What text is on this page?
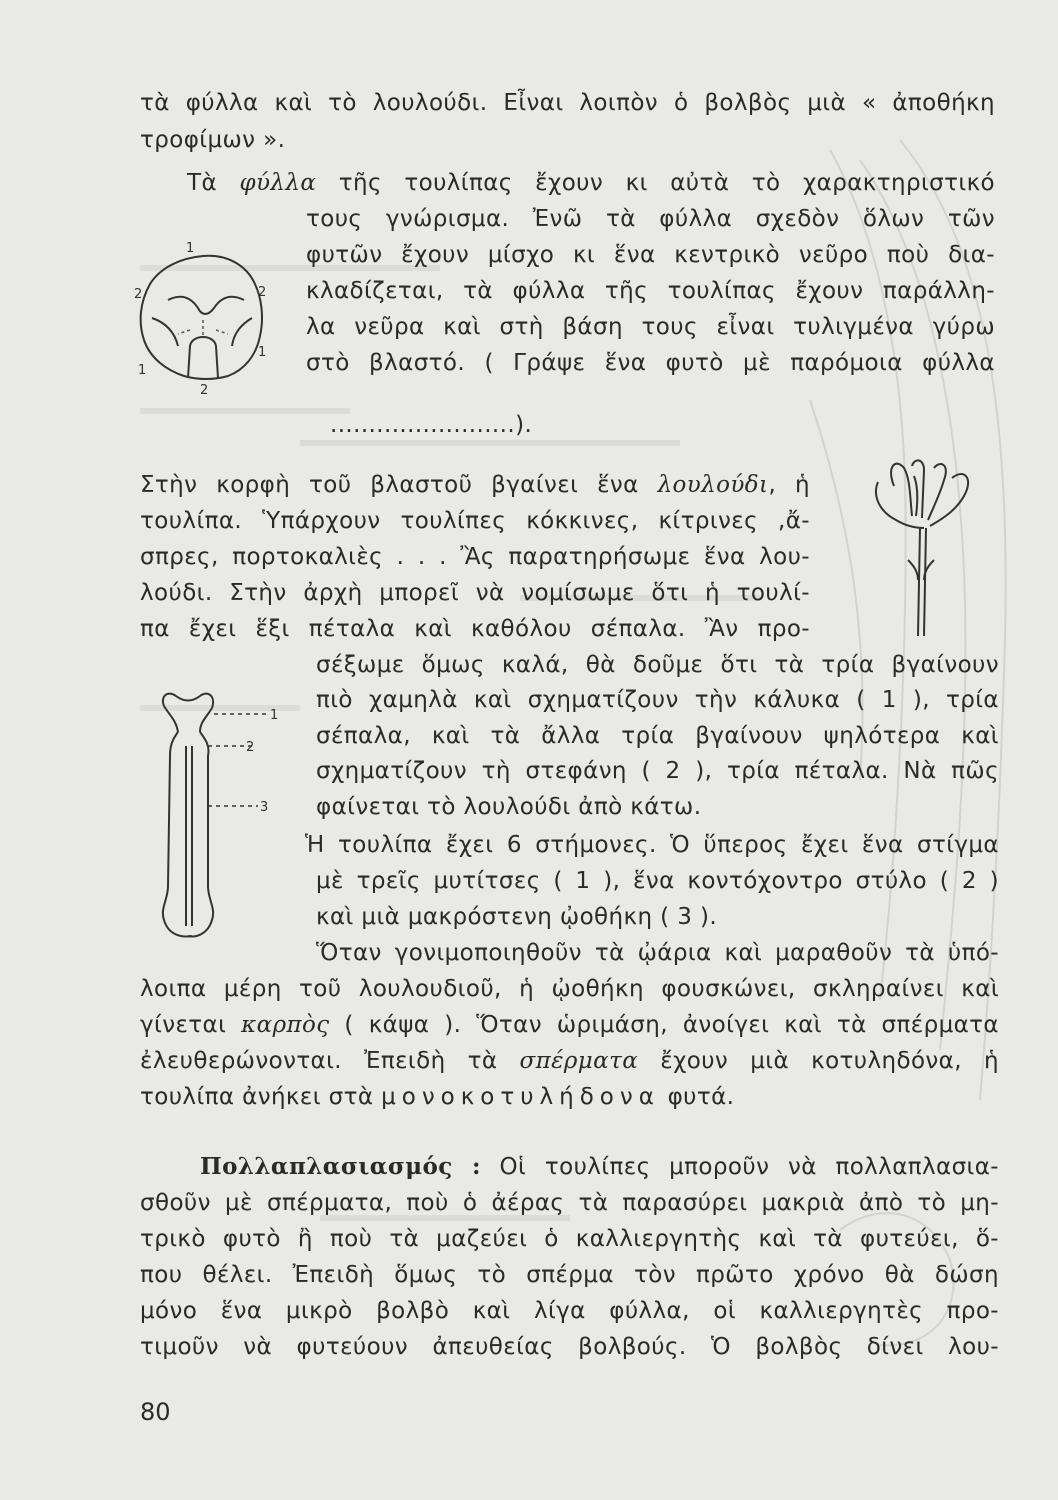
τὰ φύλλα καὶ τὸ λουλούδι. Εἶναι λοιπὸν ὁ βολβὸς μιὰ « ἀποθήκη
τροφίμων ».
Τὰ φύλλα τῆς τουλίπας ἔχουν κι αὐτὰ τὸ χαρακτηριστικό
τους γνώρισμα. Ἐνῶ τὰ φύλλα σχεδὸν ὅλων τῶν
φυτῶν ἔχουν μίσχο κι ἕνα κεντρικὸ νεῦρο ποὺ δια-
κλαδίζεται, τὰ φύλλα τῆς τουλίπας ἔχουν παράλλη-
λα νεῦρα καὶ στὴ βάση τους εἶναι τυλιγμένα γύρω
στὸ βλαστό. ( Γράψε ἕνα φυτὸ μὲ παρόμοια φύλλα
........................).
Στὴν κορφὴ τοῦ βλαστοῦ βγαίνει ἕνα λουλούδι, ἡ
τουλίπα. Ὑπάρχουν τουλίπες κόκκινες, κίτρινες ,ἄ-
σπρες, πορτοκαλιὲς . . . Ἂς παρατηρήσωμε ἕνα λου-
λούδι. Στὴν ἀρχὴ μπορεῖ νὰ νομίσωμε ὅτι ἡ τουλί-
πα ἔχει ἕξι πέταλα καὶ καθόλου σέπαλα. Ἂν προ-
σέξωμε ὅμως καλά, θὰ δοῦμε ὅτι τὰ τρία βγαίνουν
πιὸ χαμηλὰ καὶ σχηματίζουν τὴν κάλυκα ( 1 ), τρία
σέπαλα, καὶ τὰ ἄλλα τρία βγαίνουν ψηλότερα καὶ
σχηματίζουν τὴ στεφάνη ( 2 ), τρία πέταλα. Νὰ πῶς
φαίνεται τὸ λουλούδι ἀπὸ κάτω.
Ἡ τουλίπα ἔχει 6 στήμονες. Ὁ ὕπερος ἔχει ἕνα στίγμα
μὲ τρεῖς μυτίτσες ( 1 ), ἕνα κοντόχοντρο στύλο ( 2 )
καὶ μιὰ μακρόστενη ᾠοθήκη ( 3 ).
Ὅταν γονιμοποιηθοῦν τὰ ᾠάρια καὶ μαραθοῦν τὰ ὑπό-
λοιπα μέρη τοῦ λουλουδιοῦ, ἡ ᾠοθήκη φουσκώνει, σκληραίνει καὶ
γίνεται καρπὸς ( κάψα ). Ὅταν ὡριμάση, ἀνοίγει καὶ τὰ σπέρματα
ἐλευθερώνονται. Ἐπειδὴ τὰ σπέρματα ἔχουν μιὰ κοτυληδόνα, ἡ
τουλίπα ἀνήκει στὰ μονοκοτυλήδονα φυτά.
Πολλαπλασιασμός : Οἱ τουλίπες μποροῦν νὰ πολλαπλασια-
σθοῦν μὲ σπέρματα, ποὺ ὁ ἀέρας τὰ παρασύρει μακριὰ ἀπὸ τὸ μη-
τρικὸ φυτὸ ἢ ποὺ τὰ μαζεύει ὁ καλλιεργητὴς καὶ τὰ φυτεύει, ὅ-
που θέλει. Ἐπειδὴ ὅμως τὸ σπέρμα τὸν πρῶτο χρόνο θὰ δώση
μόνο ἕνα μικρὸ βολβὸ καὶ λίγα φύλλα, οἱ καλλιεργητὲς προ-
τιμοῦν νὰ φυτεύουν ἀπευθείας βολβούς. Ὁ βολβὸς δίνει λου-
80
1
2	2
1
1
2
1
2
3
